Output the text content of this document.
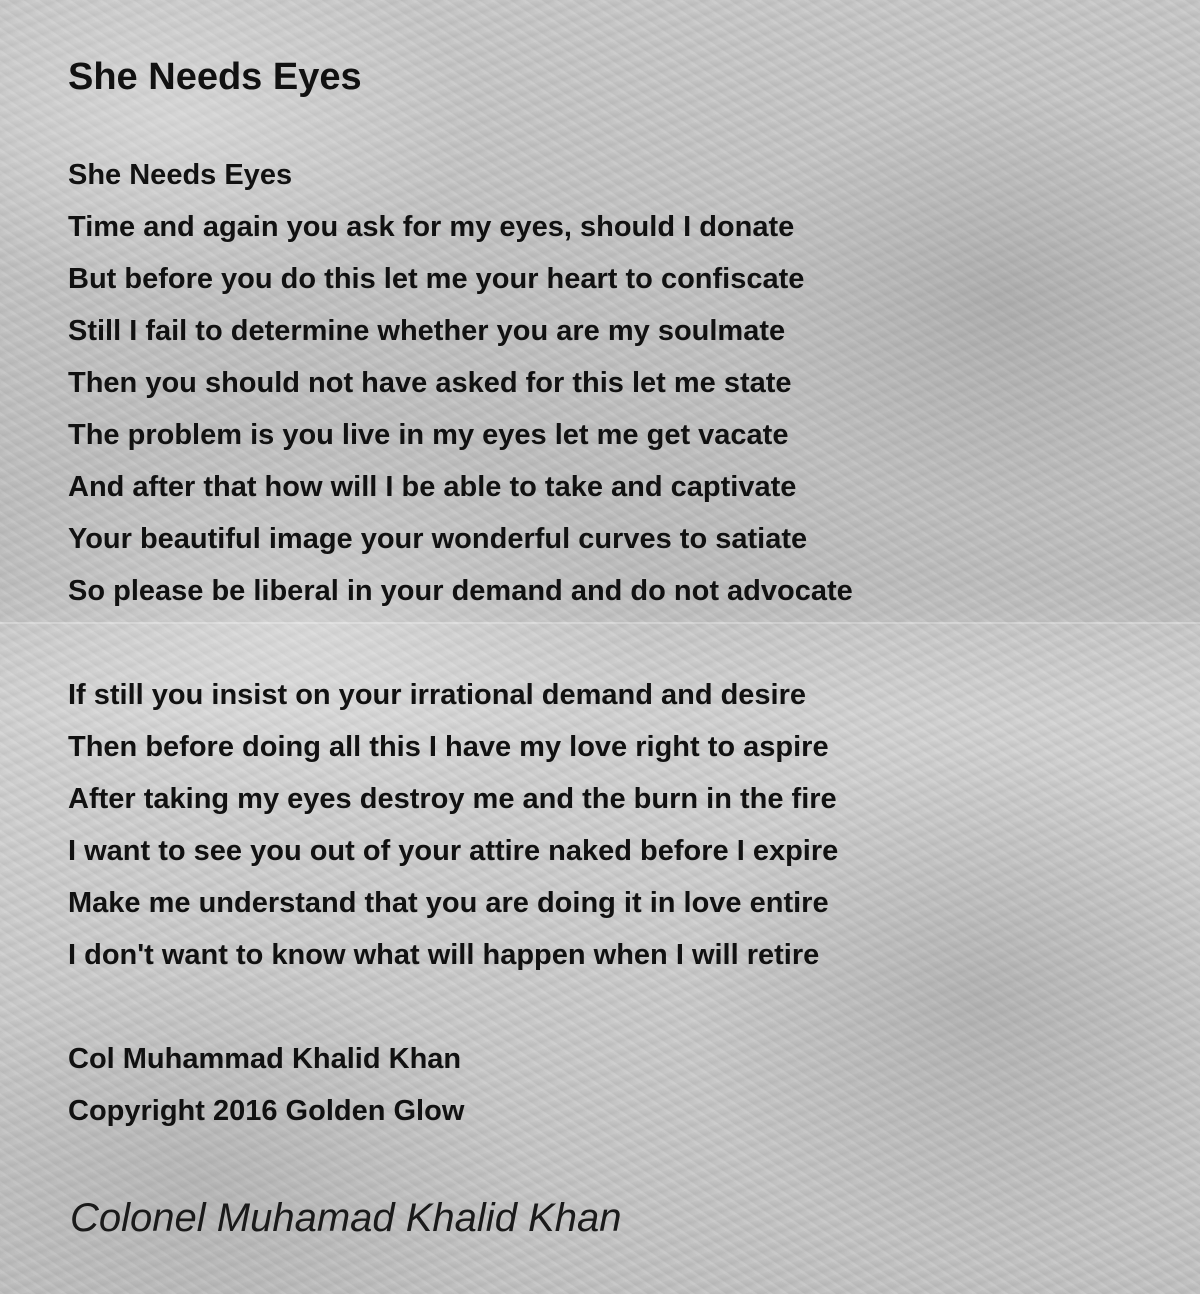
She Needs Eyes
She Needs Eyes
Time and again you ask for my eyes, should I donate
But before you do this let me your heart to confiscate
Still I fail to determine whether you are my soulmate
Then you should not have asked for this let me state
The problem is you live in my eyes let me get vacate
And after that how will I be able to take and captivate
Your beautiful image your wonderful curves to satiate
So please be liberal in your demand and do not advocate
If still you insist on your irrational demand and desire
Then before doing all this I have my love right to aspire
After taking my eyes destroy me and the burn in the fire
I want to see you out of your attire naked before I expire
Make me understand that you are doing it in love entire
I don't want to know what will happen when I will retire
Col Muhammad Khalid Khan
Copyright 2016 Golden Glow
Colonel Muhamad Khalid Khan
